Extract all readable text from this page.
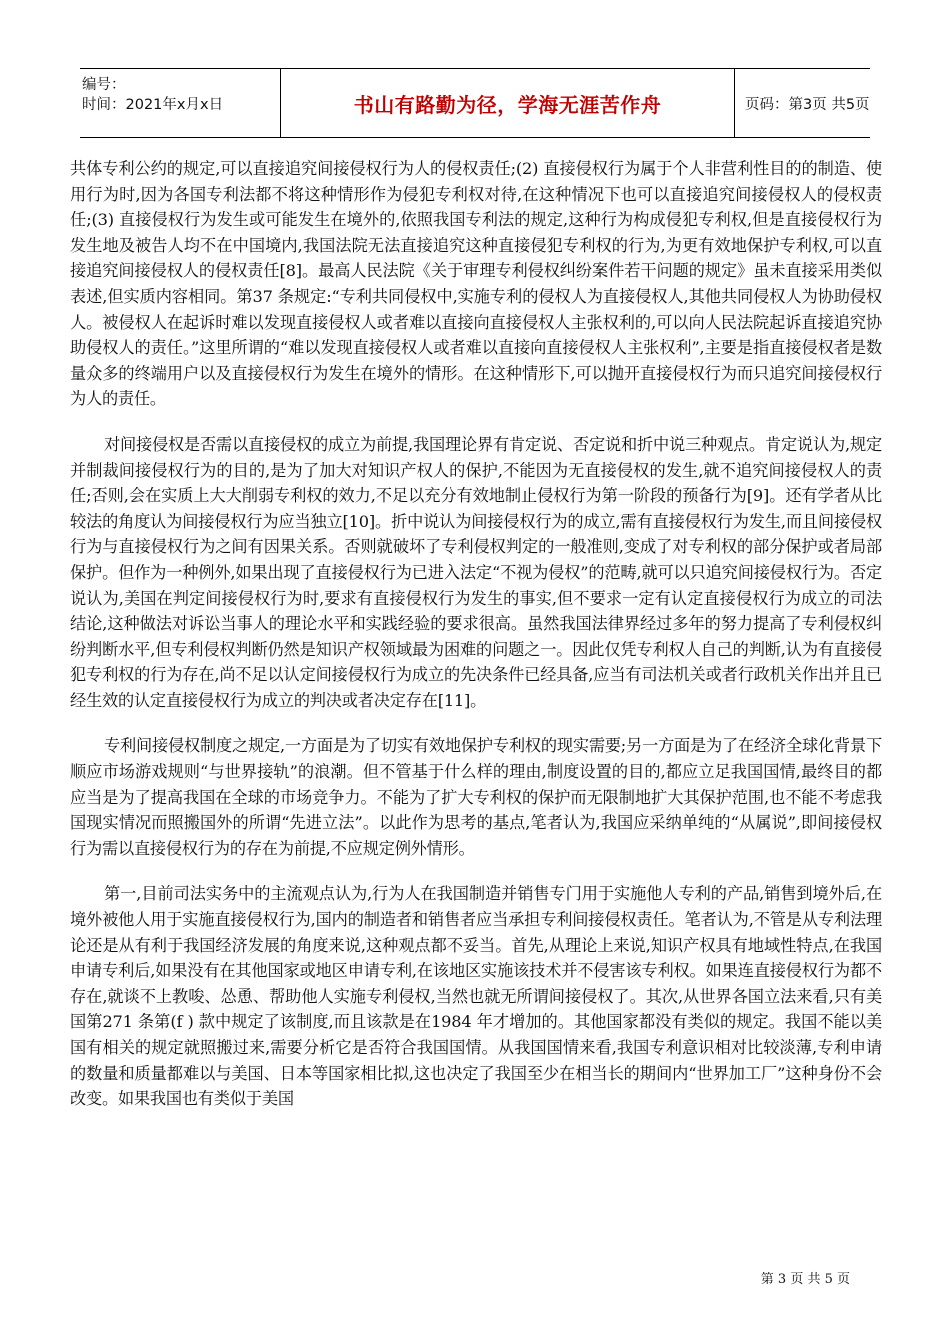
编号：
时间：2021年x月x日	书山有路勤为径，学海无涯苦作舟	页码：第3页 共5页

共体专利公约的规定,可以直接追究间接侵权行为人的侵权责任;(2) 直接侵权行为属于个人非营利性目的的制造、使用行为时,因为各国专利法都不将这种情形作为侵犯专利权对待,在这种情况下也可以直接追究间接侵权人的侵权责任;(3) 直接侵权行为发生或可能发生在境外的,依照我国专利法的规定,这种行为构成侵犯专利权,但是直接侵权行为发生地及被告人均不在中国境内,我国法院无法直接追究这种直接侵犯专利权的行为,为更有效地保护专利权,可以直接追究间接侵权人的侵权责任[8]。最高人民法院《关于审理专利侵权纠纷案件若干问题的规定》虽未直接采用类似表述,但实质内容相同。第37 条规定:“专利共同侵权中,实施专利的侵权人为直接侵权人,其他共同侵权人为协助侵权人。被侵权人在起诉时难以发现直接侵权人或者难以直接向直接侵权人主张权利的,可以向人民法院起诉直接追究协助侵权人的责任。”这里所谓的“难以发现直接侵权人或者难以直接向直接侵权人主张权利”,主要是指直接侵权者是数量众多的终端用户以及直接侵权行为发生在境外的情形。在这种情形下,可以抛开直接侵权行为而只追究间接侵权行为人的责任。

对间接侵权是否需以直接侵权的成立为前提,我国理论界有肯定说、否定说和折中说三种观点。肯定说认为,规定并制裁间接侵权行为的目的,是为了加大对知识产权人的保护,不能因为无直接侵权的发生,就不追究间接侵权人的责任;否则,会在实质上大大削弱专利权的效力,不足以充分有效地制止侵权行为第一阶段的预备行为[9]。还有学者从比较法的角度认为间接侵权行为应当独立[10]。折中说认为间接侵权行为的成立,需有直接侵权行为发生,而且间接侵权行为与直接侵权行为之间有因果关系。否则就破坏了专利侵权判定的一般准则,变成了对专利权的部分保护或者局部保护。但作为一种例外,如果出现了直接侵权行为已进入法定“不视为侵权”的范畴,就可以只追究间接侵权行为。否定说认为,美国在判定间接侵权行为时,要求有直接侵权行为发生的事实,但不要求一定有认定直接侵权行为成立的司法结论,这种做法对诉讼当事人的理论水平和实践经验的要求很高。虽然我国法律界经过多年的努力提高了专利侵权纠纷判断水平,但专利侵权判断仍然是知识产权领域最为困难的问题之一。因此仅凭专利权人自己的判断,认为有直接侵犯专利权的行为存在,尚不足以认定间接侵权行为成立的先决条件已经具备,应当有司法机关或者行政机关作出并且已经生效的认定直接侵权行为成立的判决或者决定存在[11]。

专利间接侵权制度之规定,一方面是为了切实有效地保护专利权的现实需要;另一方面是为了在经济全球化背景下顺应市场游戏规则“与世界接轨”的浪潮。但不管基于什么样的理由,制度设置的目的,都应立足我国国情,最终目的都应当是为了提高我国在全球的市场竞争力。不能为了扩大专利权的保护而无限制地扩大其保护范围,也不能不考虑我国现实情况而照搬国外的所谓“先进立法”。以此作为思考的基点,笔者认为,我国应采纳单纯的“从属说”,即间接侵权行为需以直接侵权行为的存在为前提,不应规定例外情形。

第一,目前司法实务中的主流观点认为,行为人在我国制造并销售专门用于实施他人专利的产品,销售到境外后,在境外被他人用于实施直接侵权行为,国内的制造者和销售者应当承担专利间接侵权责任。笔者认为,不管是从专利法理论还是从有利于我国经济发展的角度来说,这种观点都不妥当。首先,从理论上来说,知识产权具有地域性特点,在我国申请专利后,如果没有在其他国家或地区申请专利,在该地区实施该技术并不侵害该专利权。如果连直接侵权行为都不存在,就谈不上教唆、怂恿、帮助他人实施专利侵权,当然也就无所谓间接侵权了。其次,从世界各国立法来看,只有美国第271 条第(f ) 款中规定了该制度,而且该款是在1984 年才增加的。其他国家都没有类似的规定。我国不能以美国有相关的规定就照搬过来,需要分析它是否符合我国国情。从我国国情来看,我国专利意识相对比较淡薄,专利申请的数量和质量都难以与美国、日本等国家相比拟,这也决定了我国至少在相当长的期间内“世界加工厂”这种身份不会改变。如果我国也有类似于美国

第 3 页 共 5 页
